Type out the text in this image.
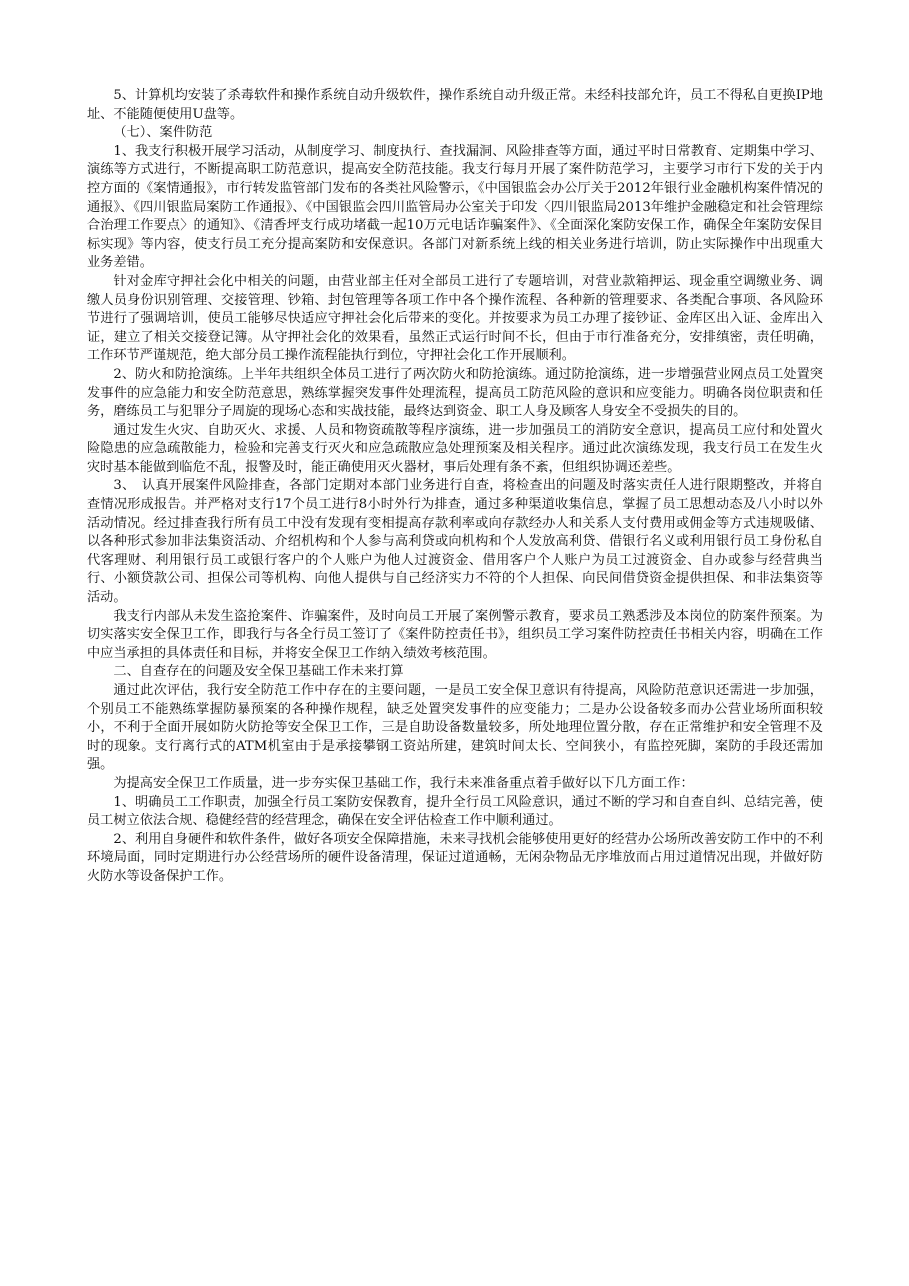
5、计算机均安装了杀毒软件和操作系统自动升级软件，操作系统自动升级正常。未经科技部允许，员工不得私自更换IP地址、不能随便使用U盘等。

（七）、案件防范

1、我支行积极开展学习活动，从制度学习、制度执行、查找漏洞、风险排查等方面，通过平时日常教育、定期集中学习、演练等方式进行，不断提高职工防范意识，提高安全防范技能。我支行每月开展了案件防范学习，主要学习市行下发的关于内控方面的《案情通报》，市行转发监管部门发布的各类社风险警示，《中国银监会办公厅关于2012年银行业金融机构案件情况的通报》、《四川银监局案防工作通报》、《中国银监会四川监管局办公室关于印发〈四川银监局2013年维护金融稳定和社会管理综合治理工作要点〉的通知》、《清香坪支行成功堵截一起10万元电话诈骗案件》、《全面深化案防安保工作，确保全年案防安保目标实现》等内容，使支行员工充分提高案防和安保意识。各部门对新系统上线的相关业务进行培训，防止实际操作中出现重大业务差错。

针对金库守押社会化中相关的问题，由营业部主任对全部员工进行了专题培训，对营业款箱押运、现金重空调缴业务、调缴人员身份识别管理、交接管理、钞箱、封包管理等各项工作中各个操作流程、各种新的管理要求、各类配合事项、各风险环节进行了强调培训，使员工能够尽快适应守押社会化后带来的变化。并按要求为员工办理了接钞证、金库区出入证、金库出入证，建立了相关交接登记簿。从守押社会化的效果看，虽然正式运行时间不长，但由于市行准备充分，安排缜密，责任明确，工作环节严谨规范，绝大部分员工操作流程能执行到位，守押社会化工作开展顺利。

2、防火和防抢演练。上半年共组织全体员工进行了两次防火和防抢演练。通过防抢演练，进一步增强营业网点员工处置突发事件的应急能力和安全防范意思，熟练掌握突发事件处理流程，提高员工防范风险的意识和应变能力。明确各岗位职责和任务，磨练员工与犯罪分子周旋的现场心态和实战技能，最终达到资金、职工人身及顾客人身安全不受损失的目的。

通过发生火灾、自助灭火、求援、人员和物资疏散等程序演练，进一步加强员工的消防安全意识，提高员工应付和处置火险隐患的应急疏散能力，检验和完善支行灭火和应急疏散应急处理预案及相关程序。通过此次演练发现，我支行员工在发生火灾时基本能做到临危不乱，报警及时，能正确使用灭火器材，事后处理有条不紊，但组织协调还差些。

3、　认真开展案件风险排查，各部门定期对本部门业务进行自查，将检查出的问题及时落实责任人进行限期整改，并将自查情况形成报告。并严格对支行17个员工进行8小时外行为排查，通过多种渠道收集信息，掌握了员工思想动态及八小时以外活动情况。经过排查我行所有员工中没有发现有变相提高存款利率或向存款经办人和关系人支付费用或佣金等方式违规吸储、以各种形式参加非法集资活动、介绍机构和个人参与高利贷或向机构和个人发放高利贷、借银行名义或利用银行员工身份私自代客理财、利用银行员工或银行客户的个人账户为他人过渡资金、借用客户个人账户为员工过渡资金、自办或参与经营典当行、小额贷款公司、担保公司等机构、向他人提供与自己经济实力不符的个人担保、向民间借贷资金提供担保、和非法集资等活动。

我支行内部从未发生盗抢案件、诈骗案件，及时向员工开展了案例警示教育，要求员工熟悉涉及本岗位的防案件预案。为切实落实安全保卫工作，即我行与各全行员工签订了《案件防控责任书》，组织员工学习案件防控责任书相关内容，明确在工作中应当承担的具体责任和目标，并将安全保卫工作纳入绩效考核范围。

二、自查存在的问题及安全保卫基础工作未来打算

通过此次评估，我行安全防范工作中存在的主要问题，一是员工安全保卫意识有待提高，风险防范意识还需进一步加强，个别员工不能熟练掌握防暴预案的各种操作规程，缺乏处置突发事件的应变能力；二是办公设备较多而办公营业场所面积较小，不利于全面开展如防火防抢等安全保卫工作，三是自助设备数量较多，所处地理位置分散，存在正常维护和安全管理不及时的现象。支行离行式的ATM机室由于是承接攀钢工资站所建，建筑时间太长、空间狭小，有监控死脚，案防的手段还需加强。

为提高安全保卫工作质量，进一步夯实保卫基础工作，我行未来准备重点着手做好以下几方面工作：

1、明确员工工作职责，加强全行员工案防安保教育，提升全行员工风险意识，通过不断的学习和自查自纠、总结完善，使员工树立依法合规、稳健经营的经营理念，确保在安全评估检查工作中顺利通过。

2、利用自身硬件和软件条件，做好各项安全保障措施，未来寻找机会能够使用更好的经营办公场所改善安防工作中的不利环境局面，同时定期进行办公经营场所的硬件设备清理，保证过道通畅，无闲杂物品无序堆放而占用过道情况出现，并做好防火防水等设备保护工作。
